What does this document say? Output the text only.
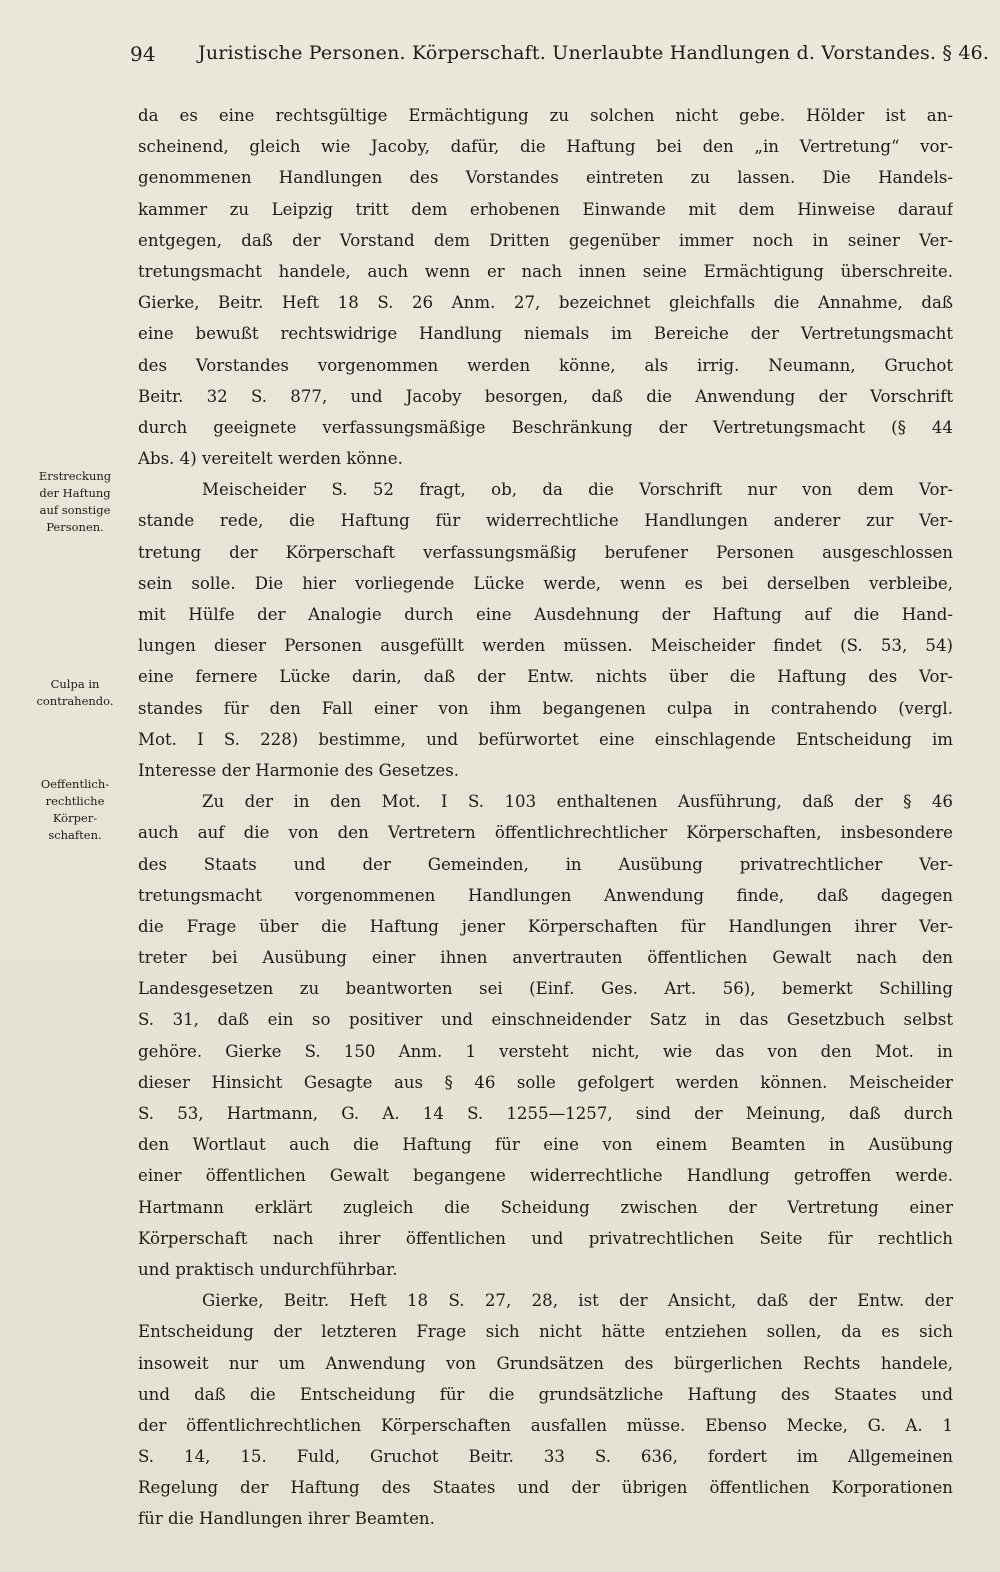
94 Juristische Personen. Körperschaft. Unerlaubte Handlungen d. Vorstandes. § 46.
Erstreckung
der Haftung
auf sonstige
Personen.
Culpa in
contrahendo.
Oeffentlich-
rechtliche
Körper-
schaften.
da es eine rechtsgültige Ermächtigung zu solchen nicht gebe. Hölder ist an-
scheinend, gleich wie Jacoby, dafür, die Haftung bei den „in Vertretung“ vor-
genommenen Handlungen des Vorstandes eintreten zu lassen. Die Handels-
kammer zu Leipzig tritt dem erhobenen Einwande mit dem Hinweise darauf
entgegen, daß der Vorstand dem Dritten gegenüber immer noch in seiner Ver-
tretungsmacht handele, auch wenn er nach innen seine Ermächtigung überschreite.
Gierke, Beitr. Heft 18 S. 26 Anm. 27, bezeichnet gleichfalls die Annahme, daß
eine bewußt rechtswidrige Handlung niemals im Bereiche der Vertretungsmacht
des Vorstandes vorgenommen werden könne, als irrig. Neumann, Gruchot
Beitr. 32 S. 877, und Jacoby besorgen, daß die Anwendung der Vorschrift
durch geeignete verfassungsmäßige Beschränkung der Vertretungsmacht (§ 44
Abs. 4) vereitelt werden könne.
Meischeider S. 52 fragt, ob, da die Vorschrift nur von dem Vor-
stande rede, die Haftung für widerrechtliche Handlungen anderer zur Ver-
tretung der Körperschaft verfassungsmäßig berufener Personen ausgeschlossen
sein solle. Die hier vorliegende Lücke werde, wenn es bei derselben verbleibe,
mit Hülfe der Analogie durch eine Ausdehnung der Haftung auf die Hand-
lungen dieser Personen ausgefüllt werden müssen. Meischeider findet (S. 53, 54)
eine fernere Lücke darin, daß der Entw. nichts über die Haftung des Vor-
standes für den Fall einer von ihm begangenen culpa in contrahendo (vergl.
Mot. I S. 228) bestimme, und befürwortet eine einschlagende Entscheidung im
Interesse der Harmonie des Gesetzes.
Zu der in den Mot. I S. 103 enthaltenen Ausführung, daß der § 46
auch auf die von den Vertretern öffentlichrechtlicher Körperschaften, insbesondere
des Staats und der Gemeinden, in Ausübung privatrechtlicher Ver-
tretungsmacht vorgenommenen Handlungen Anwendung finde, daß dagegen
die Frage über die Haftung jener Körperschaften für Handlungen ihrer Ver-
treter bei Ausübung einer ihnen anvertrauten öffentlichen Gewalt nach den
Landesgesetzen zu beantworten sei (Einf. Ges. Art. 56), bemerkt Schilling
S. 31, daß ein so positiver und einschneidender Satz in das Gesetzbuch selbst
gehöre. Gierke S. 150 Anm. 1 versteht nicht, wie das von den Mot. in
dieser Hinsicht Gesagte aus § 46 solle gefolgert werden können. Meischeider
S. 53, Hartmann, G. A. 14 S. 1255—1257, sind der Meinung, daß durch
den Wortlaut auch die Haftung für eine von einem Beamten in Ausübung
einer öffentlichen Gewalt begangene widerrechtliche Handlung getroffen werde.
Hartmann erklärt zugleich die Scheidung zwischen der Vertretung einer
Körperschaft nach ihrer öffentlichen und privatrechtlichen Seite für rechtlich
und praktisch undurchführbar.
Gierke, Beitr. Heft 18 S. 27, 28, ist der Ansicht, daß der Entw. der
Entscheidung der letzteren Frage sich nicht hätte entziehen sollen, da es sich
insoweit nur um Anwendung von Grundsätzen des bürgerlichen Rechts handele,
und daß die Entscheidung für die grundsätzliche Haftung des Staates und
der öffentlichrechtlichen Körperschaften ausfallen müsse. Ebenso Mecke, G. A. 1
S. 14, 15. Fuld, Gruchot Beitr. 33 S. 636, fordert im Allgemeinen
Regelung der Haftung des Staates und der übrigen öffentlichen Korporationen
für die Handlungen ihrer Beamten.
